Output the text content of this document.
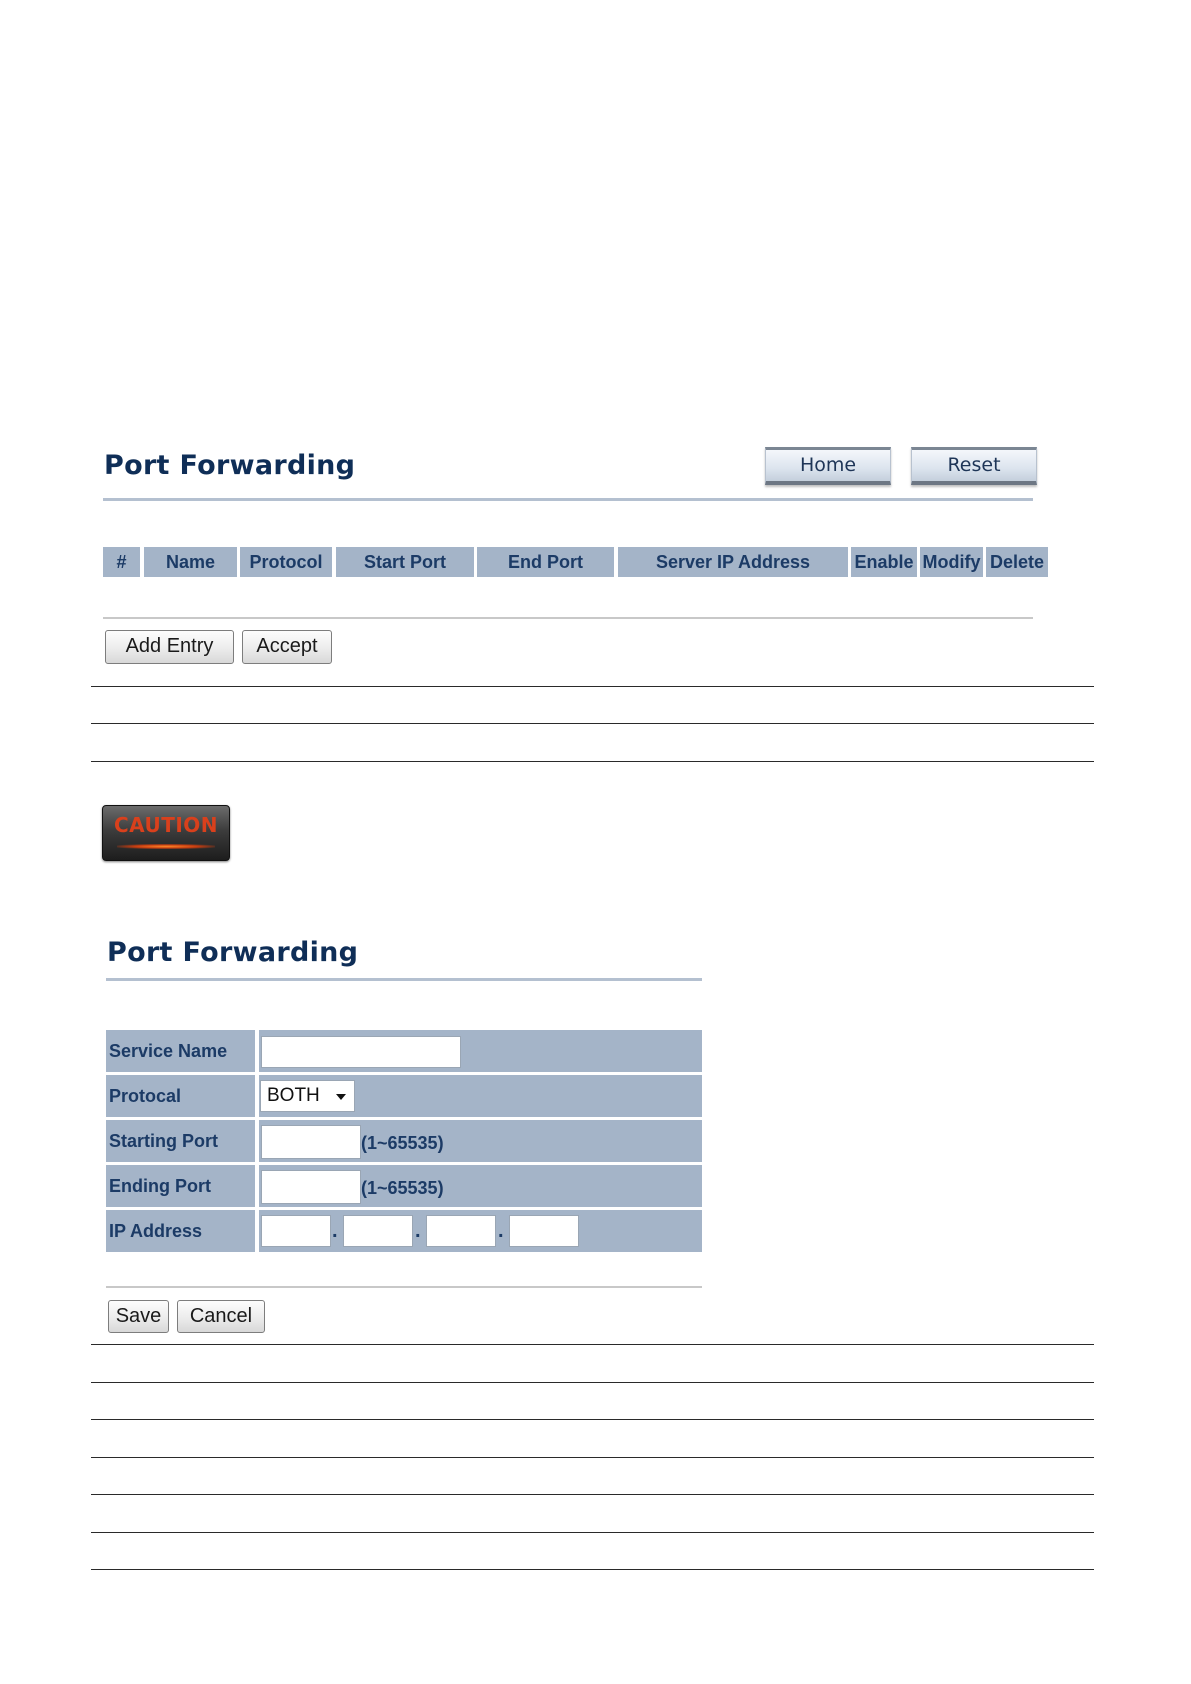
Port Forwarding	Home	Reset
#	Name	Protocol	Start Port	End Port	Server IP Address	Enable Modify Delete
Add Entry	Accept
CAUTION
Port Forwarding
Service Name
Protocal	BOTH
Starting Port	(1~65535)
Ending Port	(1~65535)
IP Address	.	.	.
Save	Cancel
